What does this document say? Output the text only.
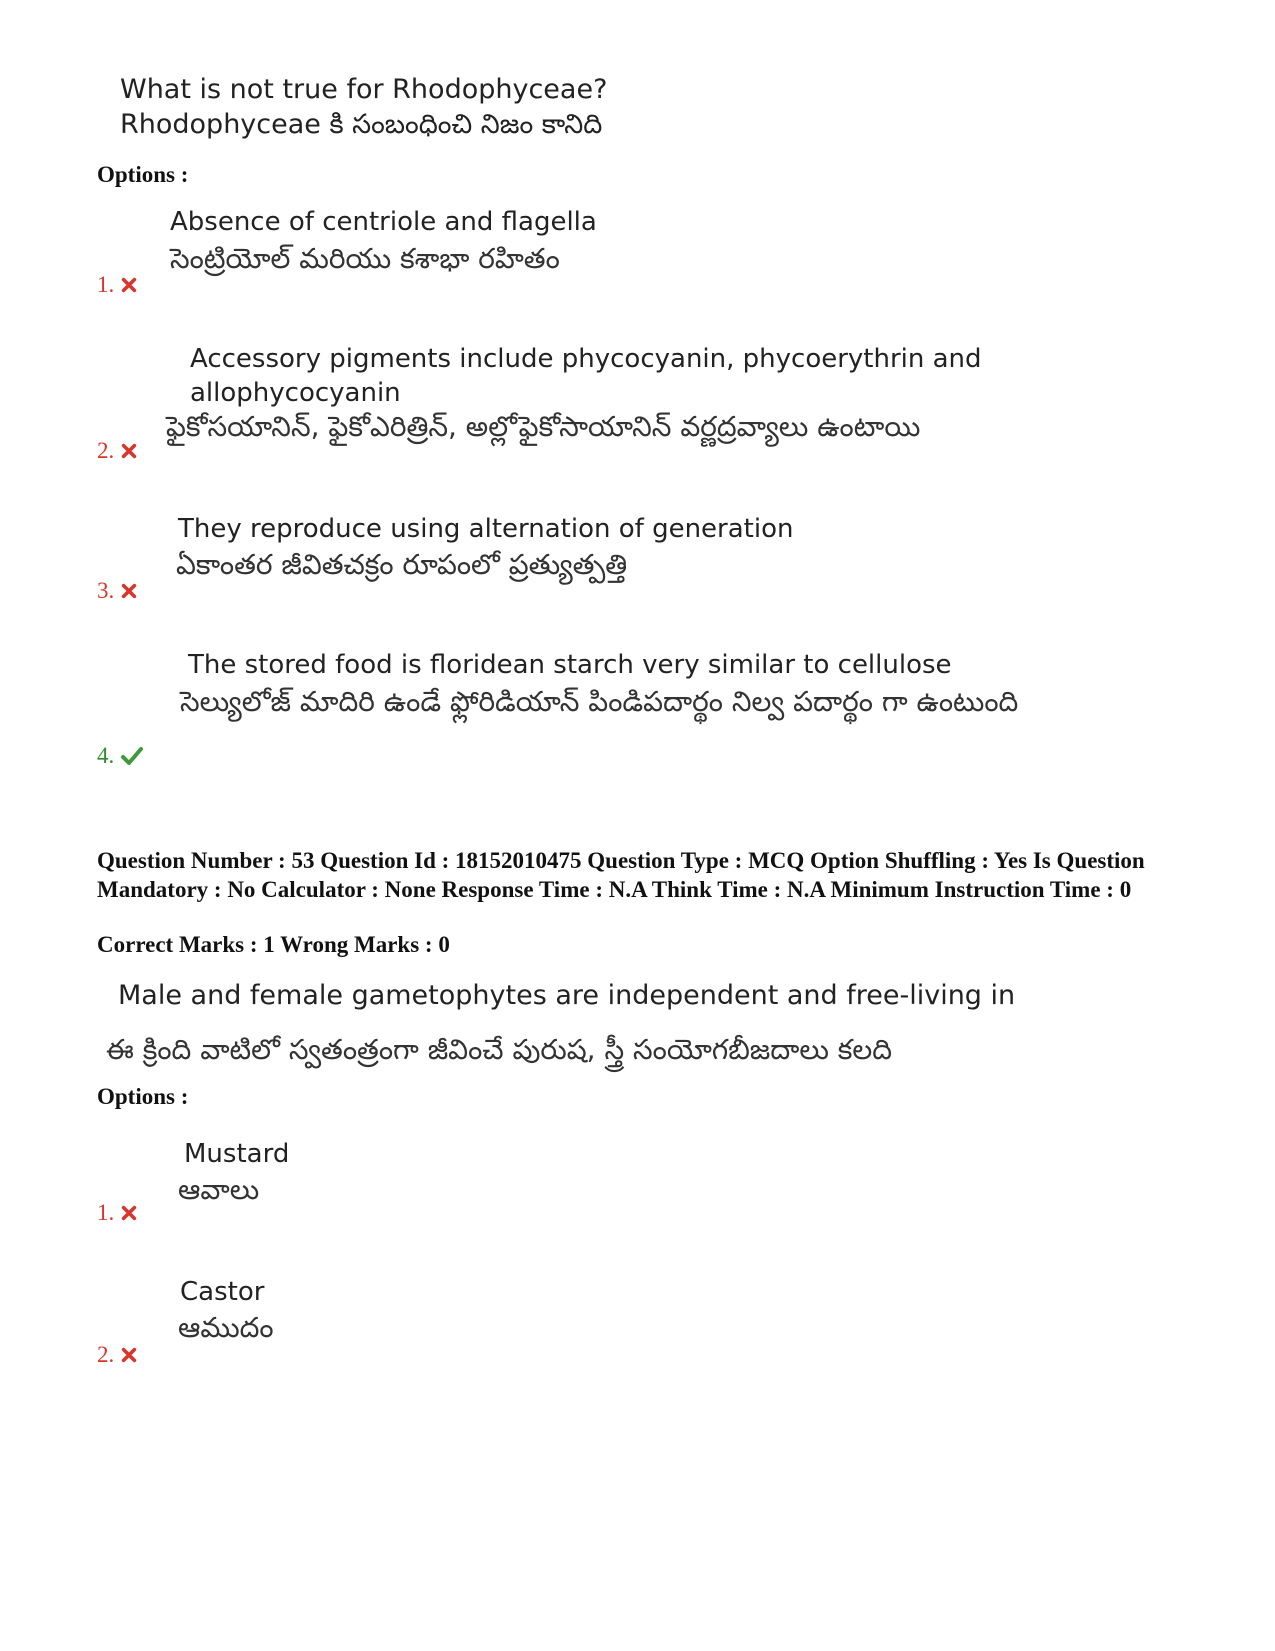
What is not true for Rhodophyceae?
Rhodophyceae కి సంబంధించి నిజం కానిది
Options :
Absence of centriole and flagella
సెంట్రియోల్ మరియు కశాభా రహితం
1.
Accessory pigments include phycocyanin, phycoerythrin and allophycocyanin
ఫైకోసయానిన్, ఫైకోఎరిత్రిన్, అల్లోఫైకోసాయానిన్ వర్ణద్రవ్యాలు ఉంటాయి
2.
They reproduce using alternation of generation
ఏకాంతర జీవితచక్రం రూపంలో ప్రత్యుత్పత్తి
3.
The stored food is floridean starch very similar to cellulose
సెల్యులోజ్ మాదిరి ఉండే ఫ్లోరిడియాన్ పిండిపదార్థం నిల్వ పదార్థం గా ఉంటుంది
4.
Question Number : 53 Question Id : 18152010475 Question Type : MCQ Option Shuffling : Yes Is Question Mandatory : No Calculator : None Response Time : N.A Think Time : N.A Minimum Instruction Time : 0
Correct Marks : 1 Wrong Marks : 0
Male and female gametophytes are independent and free-living in
ఈ క్రింది వాటిలో స్వతంత్రంగా జీవించే పురుష, స్త్రీ సంయోగబీజదాలు కలది
Options :
Mustard
ఆవాలు
1.
Castor
ఆముదం
2.
